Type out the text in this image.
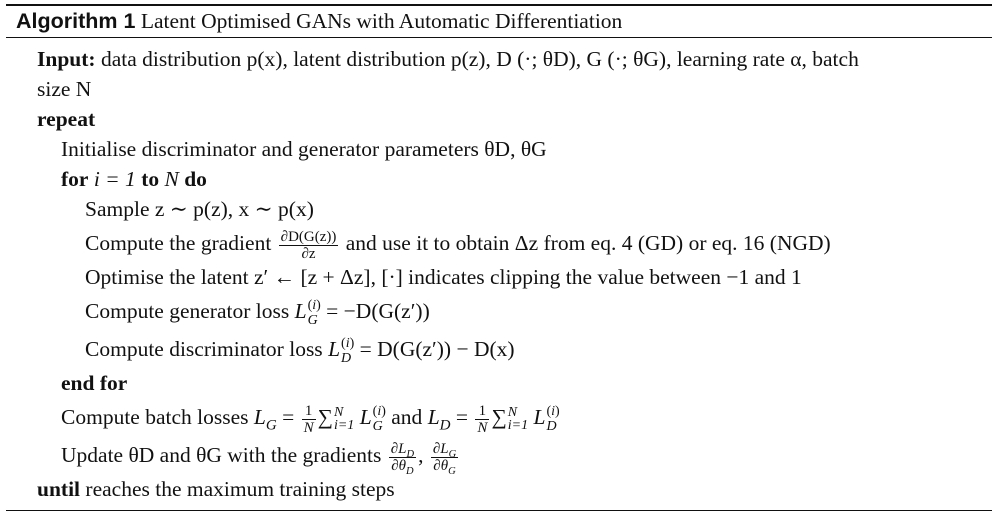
Algorithm 1 Latent Optimised GANs with Automatic Differentiation
Input: data distribution p(x), latent distribution p(z), D (·; θD), G (·; θG), learning rate α, batch
size N
repeat
Initialise discriminator and generator parameters θD, θG
for i = 1 to N do
Sample z ∼ p(z), x ∼ p(x)
Compute the gradient $\frac{\partial D(G(z))}{\partial z}$ and use it to obtain Δz from eq. 4 (GD) or eq. 16 (NGD)
Optimise the latent z′ ← [z + Δz], [·] indicates clipping the value between −1 and 1
Compute generator loss L (i)
G = −D(G(z′))
Compute discriminator loss L (i)
D = D(G(z′)) − D(x)
end for
Compute batch losses $L_G = \frac{1}{N}$ ∑ N
i=1 L (i)
G and $L_D = \frac{1}{N}$ ∑ N
i=1 L (i)
D
Update θD and θG with the gradients $\frac{\partial L_D}{\partial\theta_D}$ , $\frac{\partial L_G}{\partial\theta_G}$
until reaches the maximum training steps
